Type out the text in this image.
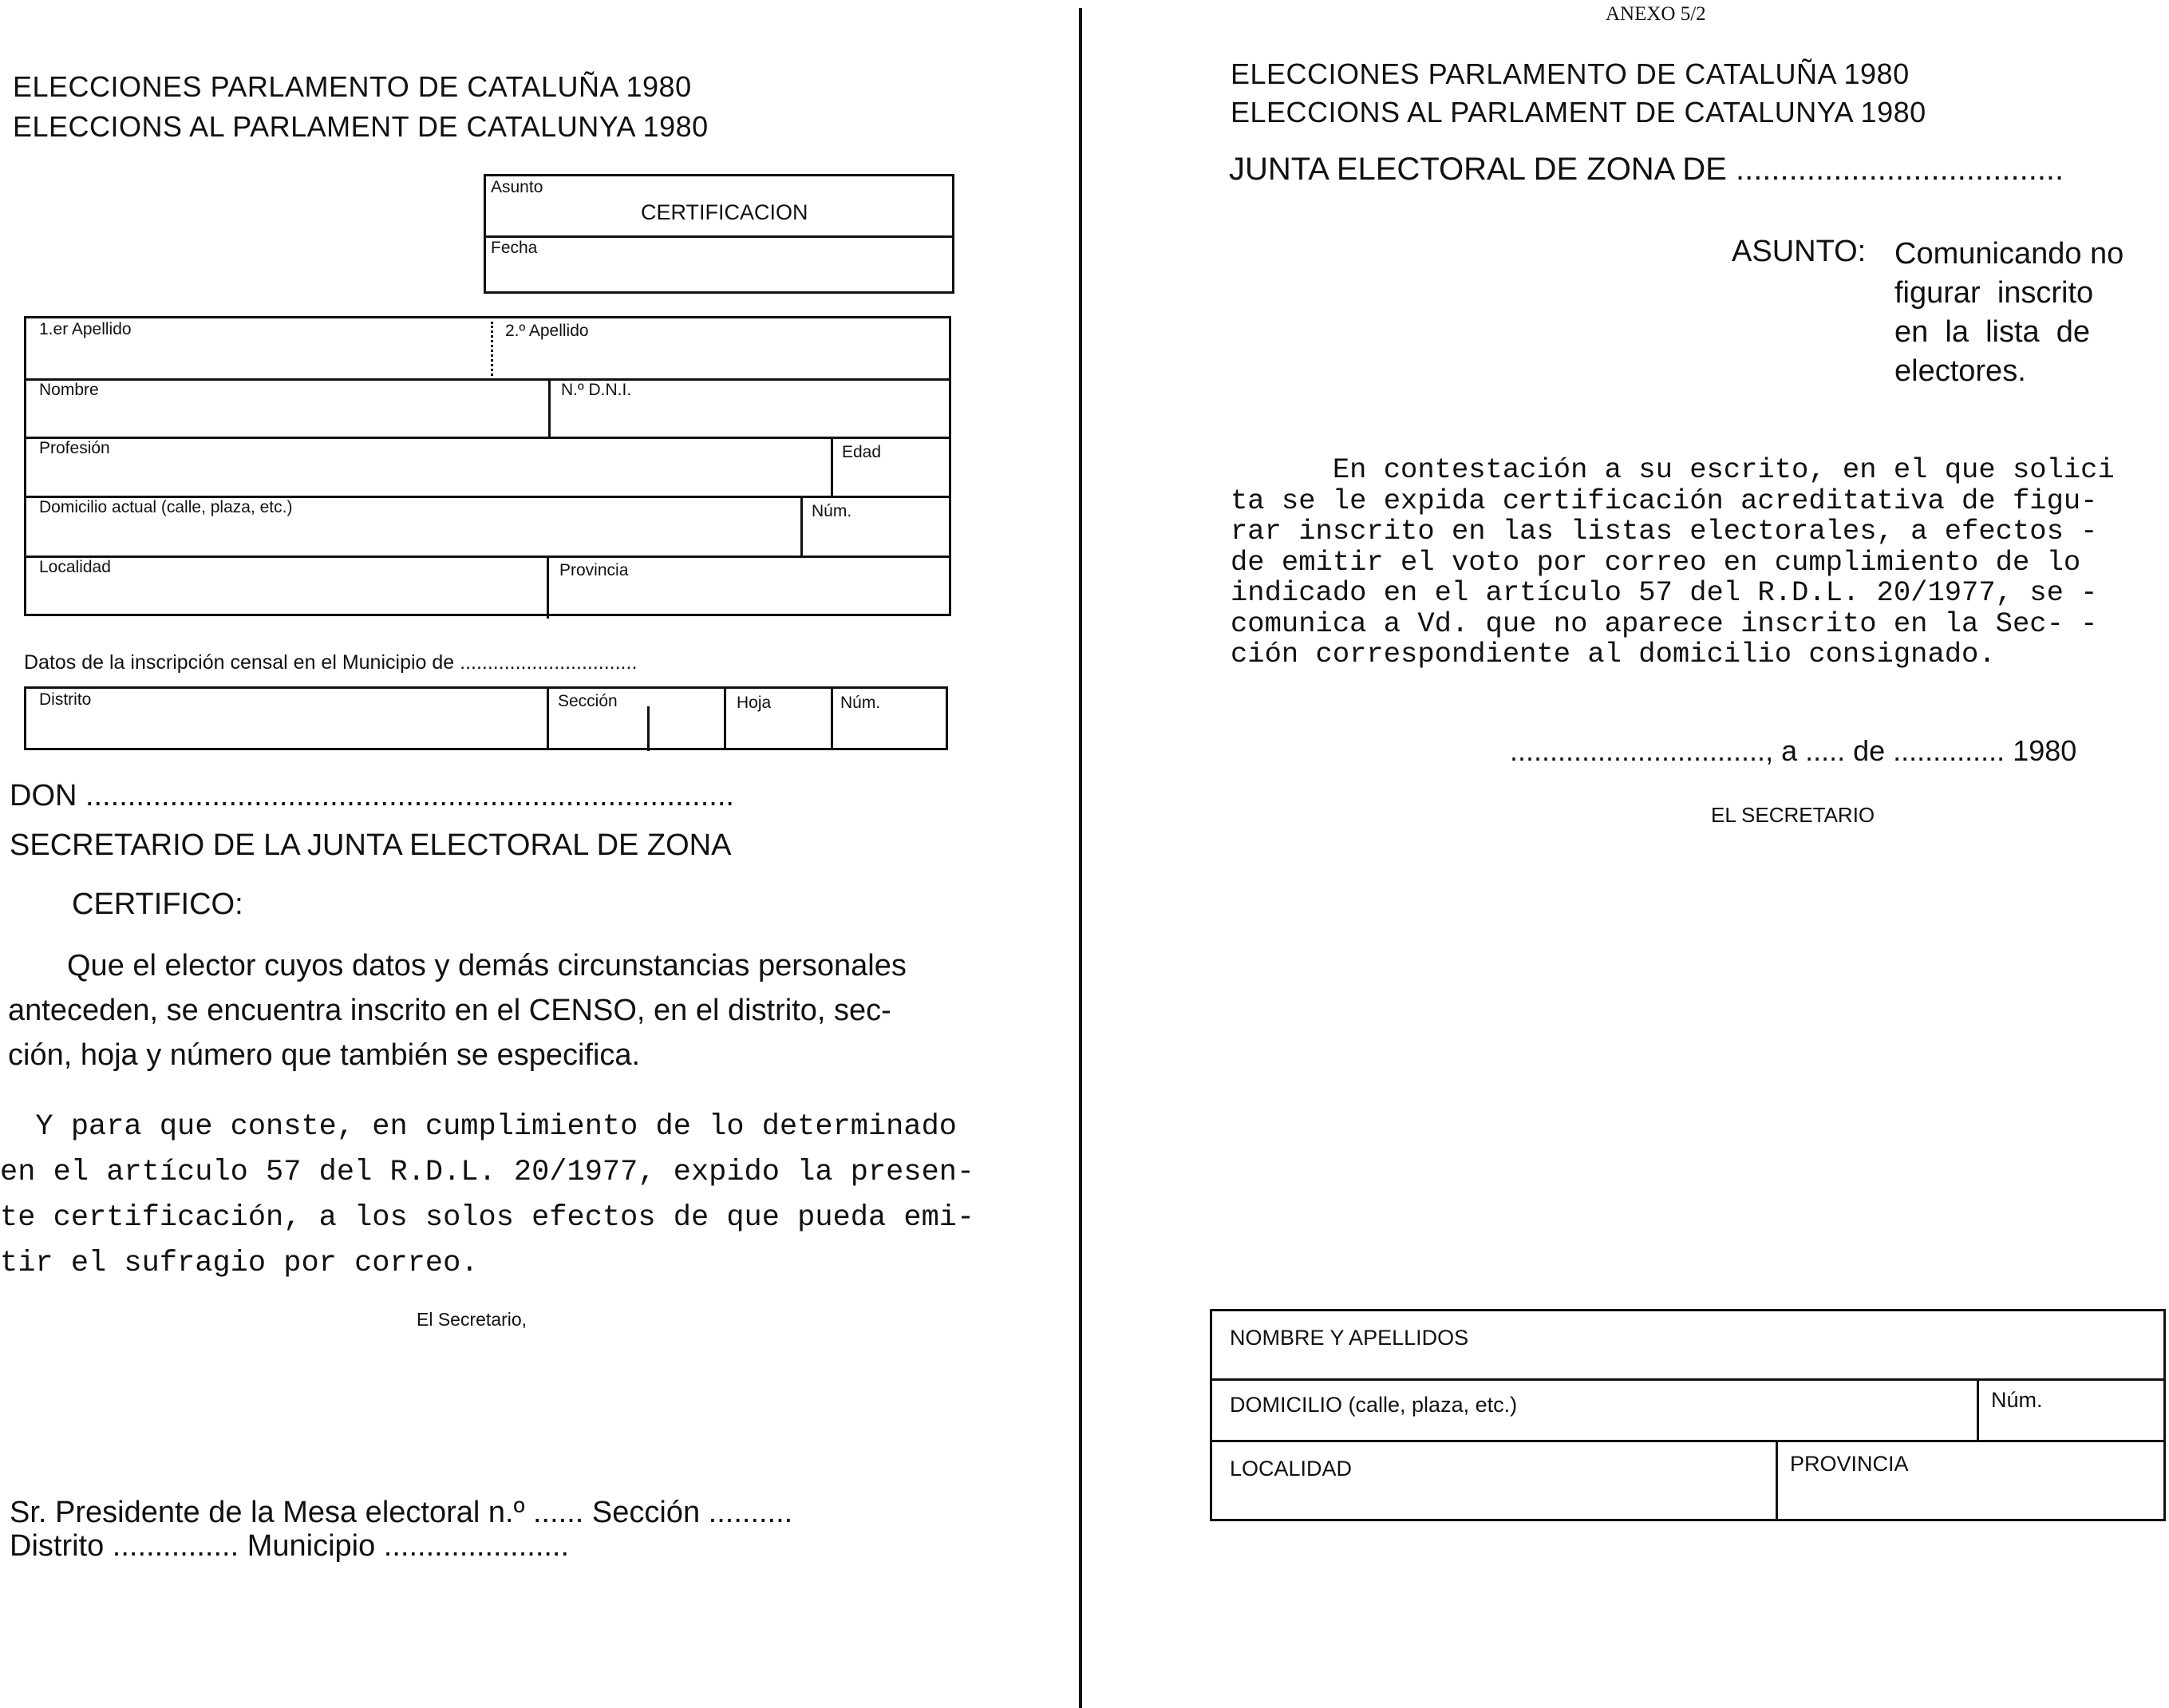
ELECCIONES PARLAMENTO DE CATALUÑA 1980
ELECCIONS AL PARLAMENT DE CATALUNYA 1980
Asunto
CERTIFICACION
Fecha
1.er Apellido	2.º Apellido
Nombre	N.º D.N.I.
Profesión	Edad
Domicilio actual (calle, plaza, etc.)	Núm.
Localidad	Provincia
Datos de la inscripción censal en el Municipio de ................................
Distrito	Sección	Hoja	Núm.
DON .............................................................................
SECRETARIO DE LA JUNTA ELECTORAL DE ZONA
CERTIFICO:
Que el elector cuyos datos y demás circunstancias personales
anteceden, se encuentra inscrito en el CENSO, en el distrito, sec-
ción, hoja y número que también se especifica.
Y para que conste, en cumplimiento de lo determinado
en el artículo 57 del R.D.L. 20/1977, expido la presen-
te certificación, a los solos efectos de que pueda emi-
tir el sufragio por correo.
El Secretario,
Sr. Presidente de la Mesa electoral n.º ...... Sección ..........
Distrito ............... Municipio ......................
ANEXO 5/2
ELECCIONES PARLAMENTO DE CATALUÑA 1980
ELECCIONS AL PARLAMENT DE CATALUNYA 1980
JUNTA ELECTORAL DE ZONA DE .....................................
ASUNTO: Comunicando no
figurar  inscrito
en  la  lista  de
electores.
En contestación a su escrito, en el que solici
ta se le expida certificación acreditativa de figu-
rar inscrito en las listas electorales, a efectos -
de emitir el voto por correo en cumplimiento de lo
indicado en el artículo 57 del R.D.L. 20/1977, se -
comunica a Vd. que no aparece inscrito en la Sec- -
ción correspondiente al domicilio consignado.
................................, a ..... de .............. 1980
EL SECRETARIO
NOMBRE Y APELLIDOS
DOMICILIO (calle, plaza, etc.)	Núm.
LOCALIDAD	PROVINCIA
